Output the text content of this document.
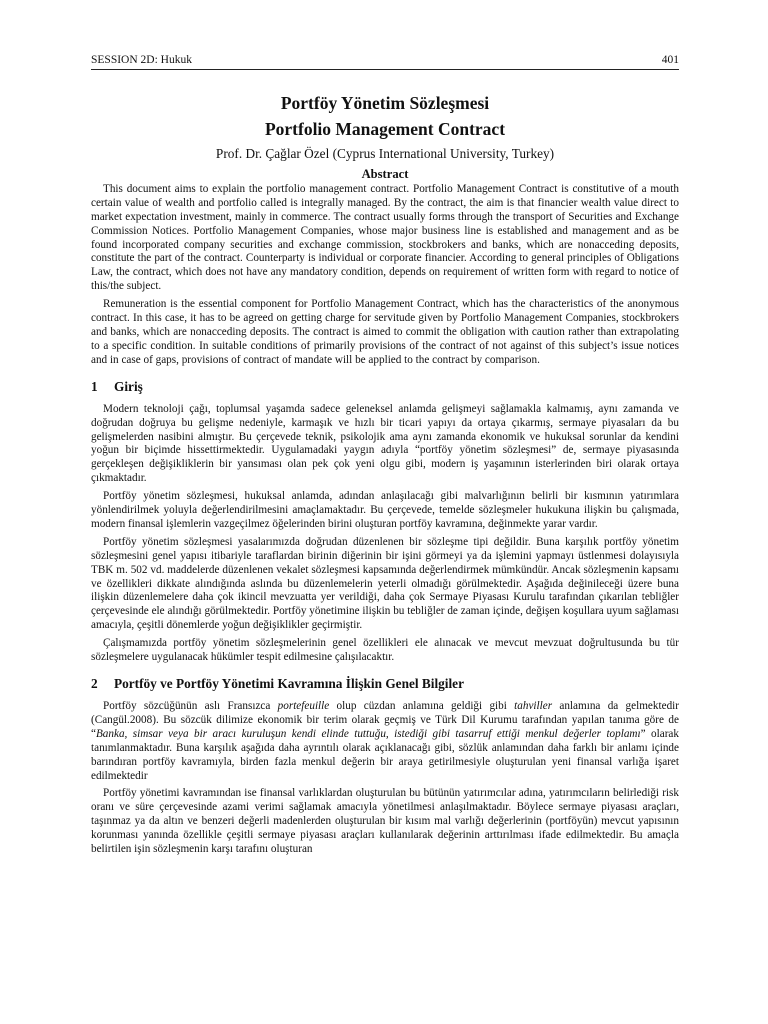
SESSION 2D: Hukuk	401
Portföy Yönetim Sözleşmesi
Portfolio Management Contract
Prof. Dr. Çağlar Özel (Cyprus International University, Turkey)
Abstract

This document aims to explain the portfolio management contract. Portfolio Management Contract is constitutive of a mouth certain value of wealth and portfolio called is integrally managed. By the contract, the aim is that financier wealth value direct to market expectation investment, mainly in commerce. The contract usually forms through the transport of Securities and Exchange Commission Notices. Portfolio Management Companies, whose major business line is established and management and as be found incorporated company securities and exchange commission, stockbrokers and banks, which are nonacceding deposits, constitute the part of the contract. Counterparty is individual or corporate financier. According to general principles of Obligations Law, the contract, which does not have any mandatory condition, depends on requirement of written form with regard to notice of this/the subject.

Remuneration is the essential component for Portfolio Management Contract, which has the characteristics of the anonymous contract. In this case, it has to be agreed on getting charge for servitude given by Portfolio Management Companies, stockbrokers and banks, which are nonacceding deposits. The contract is aimed to commit the obligation with caution rather than extrapolating to a specific condition. In suitable conditions of primarily provisions of the contract of not against of this subject’s issue notices and in case of gaps, provisions of contract of mandate will be applied to the contract by comparison.

1 Giriş

Modern teknoloji çağı, toplumsal yaşamda sadece geleneksel anlamda gelişmeyi sağlamakla kalmamış, aynı zamanda ve doğrudan doğruya bu gelişme nedeniyle, karmaşık ve hızlı bir ticari yapıyı da ortaya çıkarmış, sermaye piyasaları da bu gelişmelerden nasibini almıştır. Bu çerçevede teknik, psikolojik ama aynı zamanda ekonomik ve hukuksal sorunlar da kendini yoğun bir biçimde hissettirmektedir. Uygulamadaki yaygın adıyla “portföy yönetim sözleşmesi” de, sermaye piyasasında gerçekleşen değişikliklerin bir yansıması olan pek çok yeni olgu gibi, modern iş yaşamının isterlerinden biri olarak ortaya çıkmaktadır.

Portföy yönetim sözleşmesi, hukuksal anlamda, adından anlaşılacağı gibi malvarlığının belirli bir kısmının yatırımlara yönlendirilmek yoluyla değerlendirilmesini amaçlamaktadır. Bu çerçevede, temelde sözleşmeler hukukuna ilişkin bu çalışmada, modern finansal işlemlerin vazgeçilmez öğelerinden birini oluşturan portföy kavramına, değinmekte yarar vardır.

Portföy yönetim sözleşmesi yasalarımızda doğrudan düzenlenen bir sözleşme tipi değildir. Buna karşılık portföy yönetim sözleşmesini genel yapısı itibariyle taraflardan birinin diğerinin bir işini görmeyi ya da işlemini yapmayı üstlenmesi dolayısıyla TBK m. 502 vd. maddelerde düzenlenen vekalet sözleşmesi kapsamında değerlendirmek mümkündür. Ancak sözleşmenin kapsamı ve özellikleri dikkate alındığında aslında bu düzenlemelerin yeterli olmadığı görülmektedir. Aşağıda değinileceği üzere buna ilişkin düzenlemelere daha çok ikincil mevzuatta yer verildiği, daha çok Sermaye Piyasası Kurulu tarafından çıkarılan tebliğler çerçevesinde ele alındığı görülmektedir. Portföy yönetimine ilişkin bu tebliğler de zaman içinde, değişen koşullara uyum sağlaması amacıyla, çeşitli dönemlerde yoğun değişiklikler geçirmiştir.

Çalışmamızda portföy yönetim sözleşmelerinin genel özellikleri ele alınacak ve mevcut mevzuat doğrultusunda bu tür sözleşmelere uygulanacak hükümler tespit edilmesine çalışılacaktır.

2 Portföy ve Portföy Yönetimi Kavramına İlişkin Genel Bilgiler

Portföy sözcüğünün aslı Fransızca portefeuille olup cüzdan anlamına geldiği gibi tahviller anlamına da gelmektedir (Cangül.2008). Bu sözcük dilimize ekonomik bir terim olarak geçmiş ve Türk Dil Kurumu tarafından yapılan tanıma göre de “Banka, simsar veya bir aracı kuruluşun kendi elinde tuttuğu, istediği gibi tasarruf ettiği menkul değerler toplamı” olarak tanımlanmaktadır. Buna karşılık aşağıda daha ayrıntılı olarak açıklanacağı gibi, sözlük anlamından daha farklı bir anlamı içinde barındıran portföy kavramıyla, birden fazla menkul değerin bir araya getirilmesiyle oluşturulan yeni finansal varlığa işaret edilmektedir

Portföy yönetimi kavramından ise finansal varlıklardan oluşturulan bu bütünün yatırımcılar adına, yatırımcıların belirlediği risk oranı ve süre çerçevesinde azami verimi sağlamak amacıyla yönetilmesi anlaşılmaktadır. Böylece sermaye piyasası araçları, taşınmaz ya da altın ve benzeri değerli madenlerden oluşturulan bir kısım mal varlığı değerlerinin (portföyün) mevcut yapısının korunması yanında özellikle çeşitli sermaye piyasası araçları kullanılarak değerinin arttırılması ifade edilmektedir. Bu amaçla belirtilen işin sözleşmenin karşı tarafını oluşturan
